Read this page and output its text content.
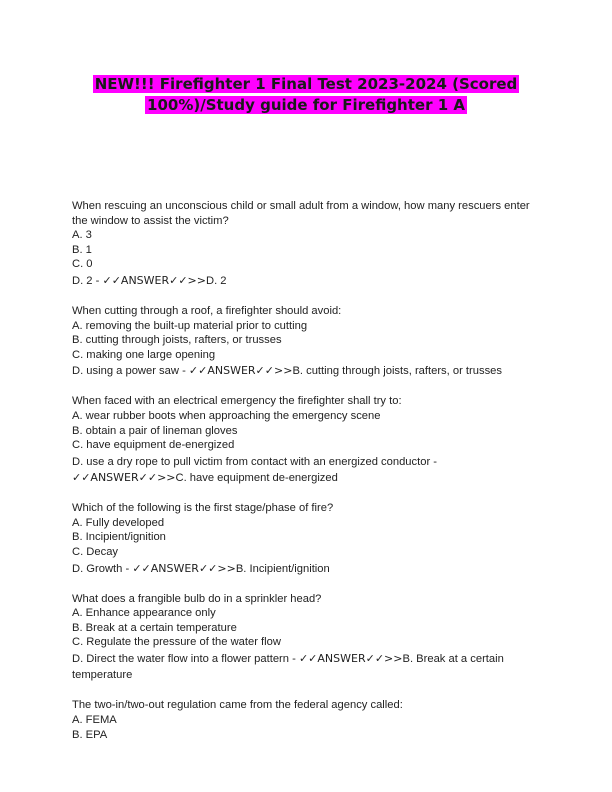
NEW!!! Firefighter 1 Final Test 2023-2024 (Scored
100%)/Study guide for Firefighter 1 A
When rescuing an unconscious child or small adult from a window, how many rescuers enter the window to assist the victim?
A. 3
B. 1
C. 0
D. 2 - ✓✓ANSWER✓✓>>D. 2
When cutting through a roof, a firefighter should avoid:
A. removing the built-up material prior to cutting
B. cutting through joists, rafters, or trusses
C. making one large opening
D. using a power saw - ✓✓ANSWER✓✓>>B. cutting through joists, rafters, or trusses
When faced with an electrical emergency the firefighter shall try to:
A. wear rubber boots when approaching the emergency scene
B. obtain a pair of lineman gloves
C. have equipment de-energized
D. use a dry rope to pull victim from contact with an energized conductor - ✓✓ANSWER✓✓>>C. have equipment de-energized
Which of the following is the first stage/phase of fire?
A. Fully developed
B. Incipient/ignition
C. Decay
D. Growth - ✓✓ANSWER✓✓>>B. Incipient/ignition
What does a frangible bulb do in a sprinkler head?
A. Enhance appearance only
B. Break at a certain temperature
C. Regulate the pressure of the water flow
D. Direct the water flow into a flower pattern - ✓✓ANSWER✓✓>>B. Break at a certain temperature
The two-in/two-out regulation came from the federal agency called:
A. FEMA
B. EPA
